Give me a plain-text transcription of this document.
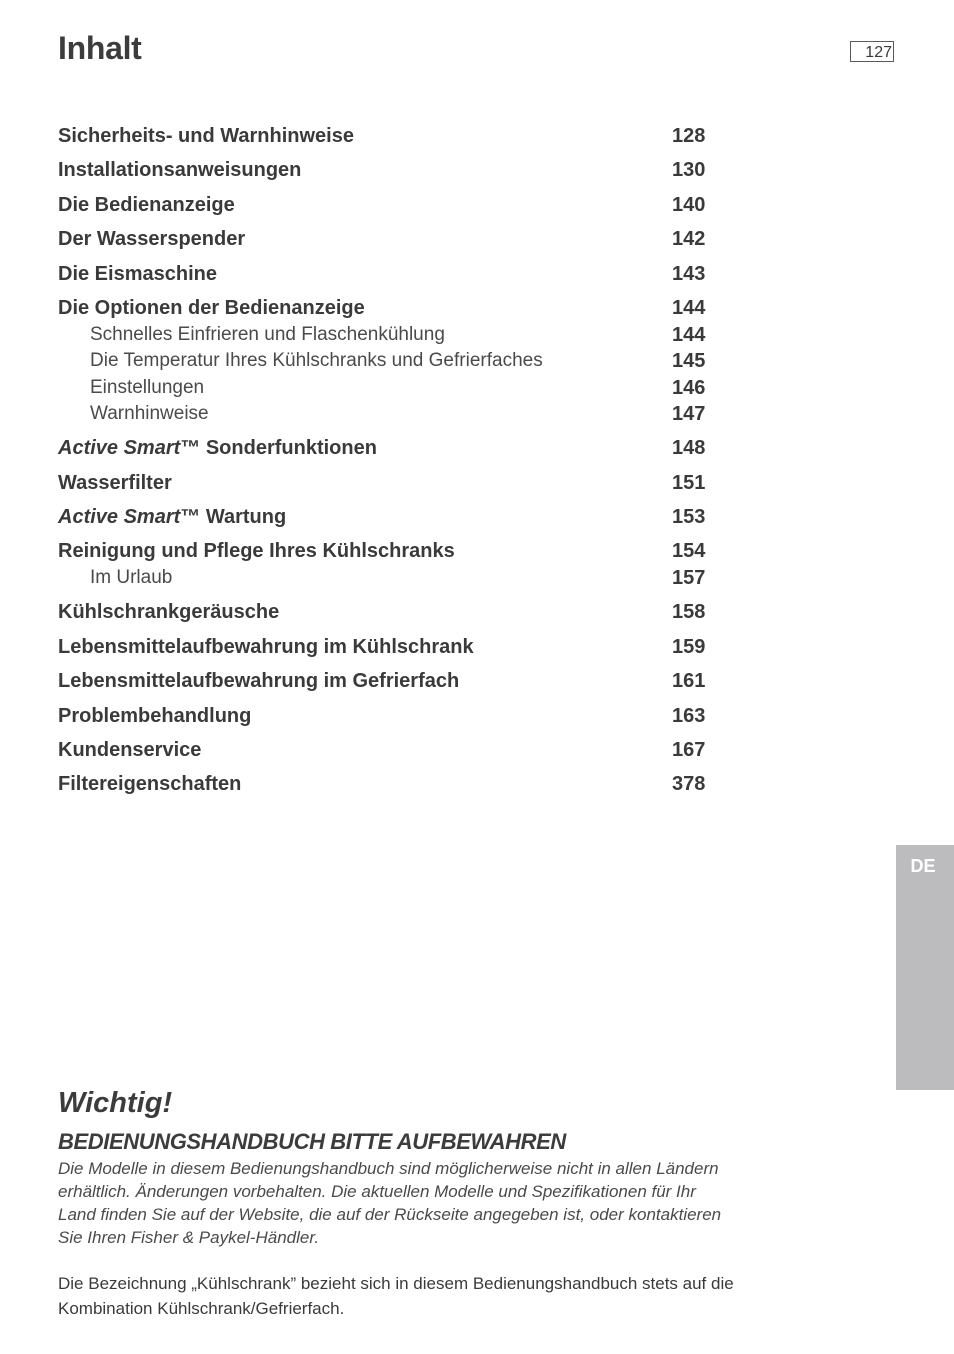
Inhalt	127
Sicherheits- und Warnhinweise	128
Installationsanweisungen	130
Die Bedienanzeige	140
Der Wasserspender	142
Die Eismaschine	143
Die Optionen der Bedienanzeige	144
Schnelles Einfrieren und Flaschenkühlung	144
Die Temperatur Ihres Kühlschranks und Gefrierfaches	145
Einstellungen	146
Warnhinweise	147
Active Smart™ Sonderfunktionen	148
Wasserfilter	151
Active Smart™ Wartung	153
Reinigung und Pflege Ihres Kühlschranks	154
Im Urlaub	157
Kühlschrankgeräusche	158
Lebensmittelaufbewahrung im Kühlschrank	159
Lebensmittelaufbewahrung im Gefrierfach	161
Problembehandlung	163
Kundenservice	167
Filtereigenschaften	378
DE
Wichtig!
BEDIENUNGSHANDBUCH BITTE AUFBEWAHREN
Die Modelle in diesem Bedienungshandbuch sind möglicherweise nicht in allen Ländern
erhältlich. Änderungen vorbehalten. Die aktuellen Modelle und Spezifikationen für Ihr
Land finden Sie auf der Website, die auf der Rückseite angegeben ist, oder kontaktieren
Sie Ihren Fisher & Paykel-Händler.
Die Bezeichnung „Kühlschrank” bezieht sich in diesem Bedienungshandbuch stets auf die
Kombination Kühlschrank/Gefrierfach.
